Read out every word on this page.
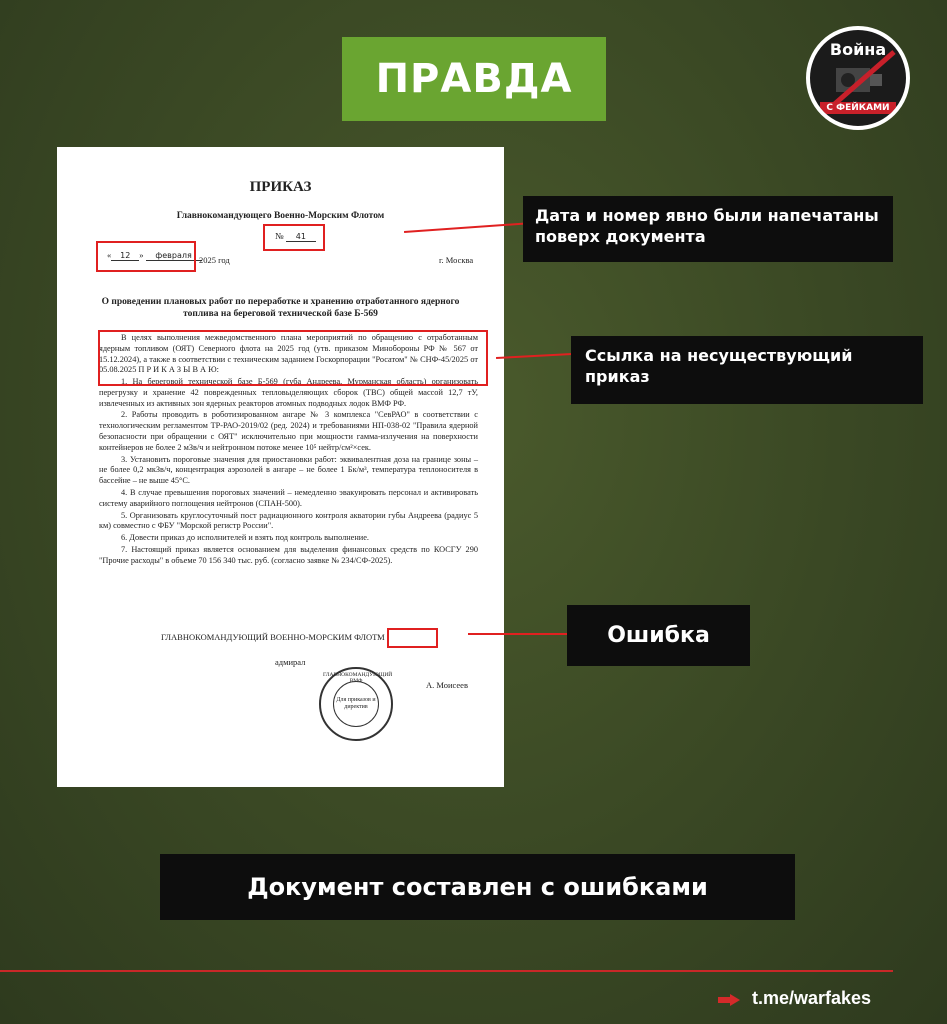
ПРАВДА
Война
С ФЕЙКАМИ
ПРИКАЗ
Главнокомандующего Военно-Морским Флотом
№ 41
« 12 » февраля 2025 год	г. Москва
О проведении плановых работ по переработке и хранению отработанного ядерного топлива на береговой технической базе Б-569

В целях выполнения межведомственного плана мероприятий по обращению с отработанным ядерным топливом (ОЯТ) Северного флота на 2025 год (утв. приказом Минобороны РФ № 567 от 15.12.2024), а также в соответствии с техническим заданием Госкорпорации "Росатом" № СНФ-45/2025 от 05.08.2025 П Р И К А З Ы В А Ю:

1. На береговой технической базе Б-569 (губа Андреева, Мурманская область) организовать перегрузку и хранение 42 поврежденных тепловыделяющих сборок (ТВС) общей массой 12,7 тУ, извлеченных из активных зон ядерных реакторов атомных подводных лодок ВМФ РФ.

2. Работы проводить в роботизированном ангаре № 3 комплекса "СевРАО" в соответствии с технологическим регламентом ТР-РАО-2019/02 (ред. 2024) и требованиями НП-038-02 "Правила ядерной безопасности при обращении с ОЯТ" исключительно при мощности гамма-излучения на поверхности контейнеров не более 2 мЗв/ч и нейтронном потоке менее 10⁵ нейтр/см²×сек.

3. Установить пороговые значения для приостановки работ: эквивалентная доза на границе зоны – не более 0,2 мкЗв/ч, концентрация аэрозолей в ангаре – не более 1 Бк/м³, температура теплоносителя в бассейне – не выше 45°С.

4. В случае превышения пороговых значений – немедленно эвакуировать персонал и активировать систему аварийного поглощения нейтронов (СПАН-500).

5. Организовать круглосуточный пост радиационного контроля акватории губы Андреева (радиус 5 км) совместно с ФБУ "Морской регистр России".

6. Довести приказ до исполнителей и взять под контроль выполнение.

7. Настоящий приказ является основанием для выделения финансовых средств по КОСГУ 290 "Прочие расходы" в объеме 70 156 340 тыс. руб. (согласно заявке № 234/СФ-2025).

ГЛАВНОКОМАНДУЮЩИЙ ВОЕННО-МОРСКИМ ФЛОТМ
адмирал
А. Моисеев
ГЛАВНОКОМАНДУЮЩИЙ ВМФ
Для приказов и директив
Дата и номер явно были напечатаны поверх документа
Ссылка на несуществующий приказ
Ошибка
Документ составлен с ошибками
t.me/warfakes
